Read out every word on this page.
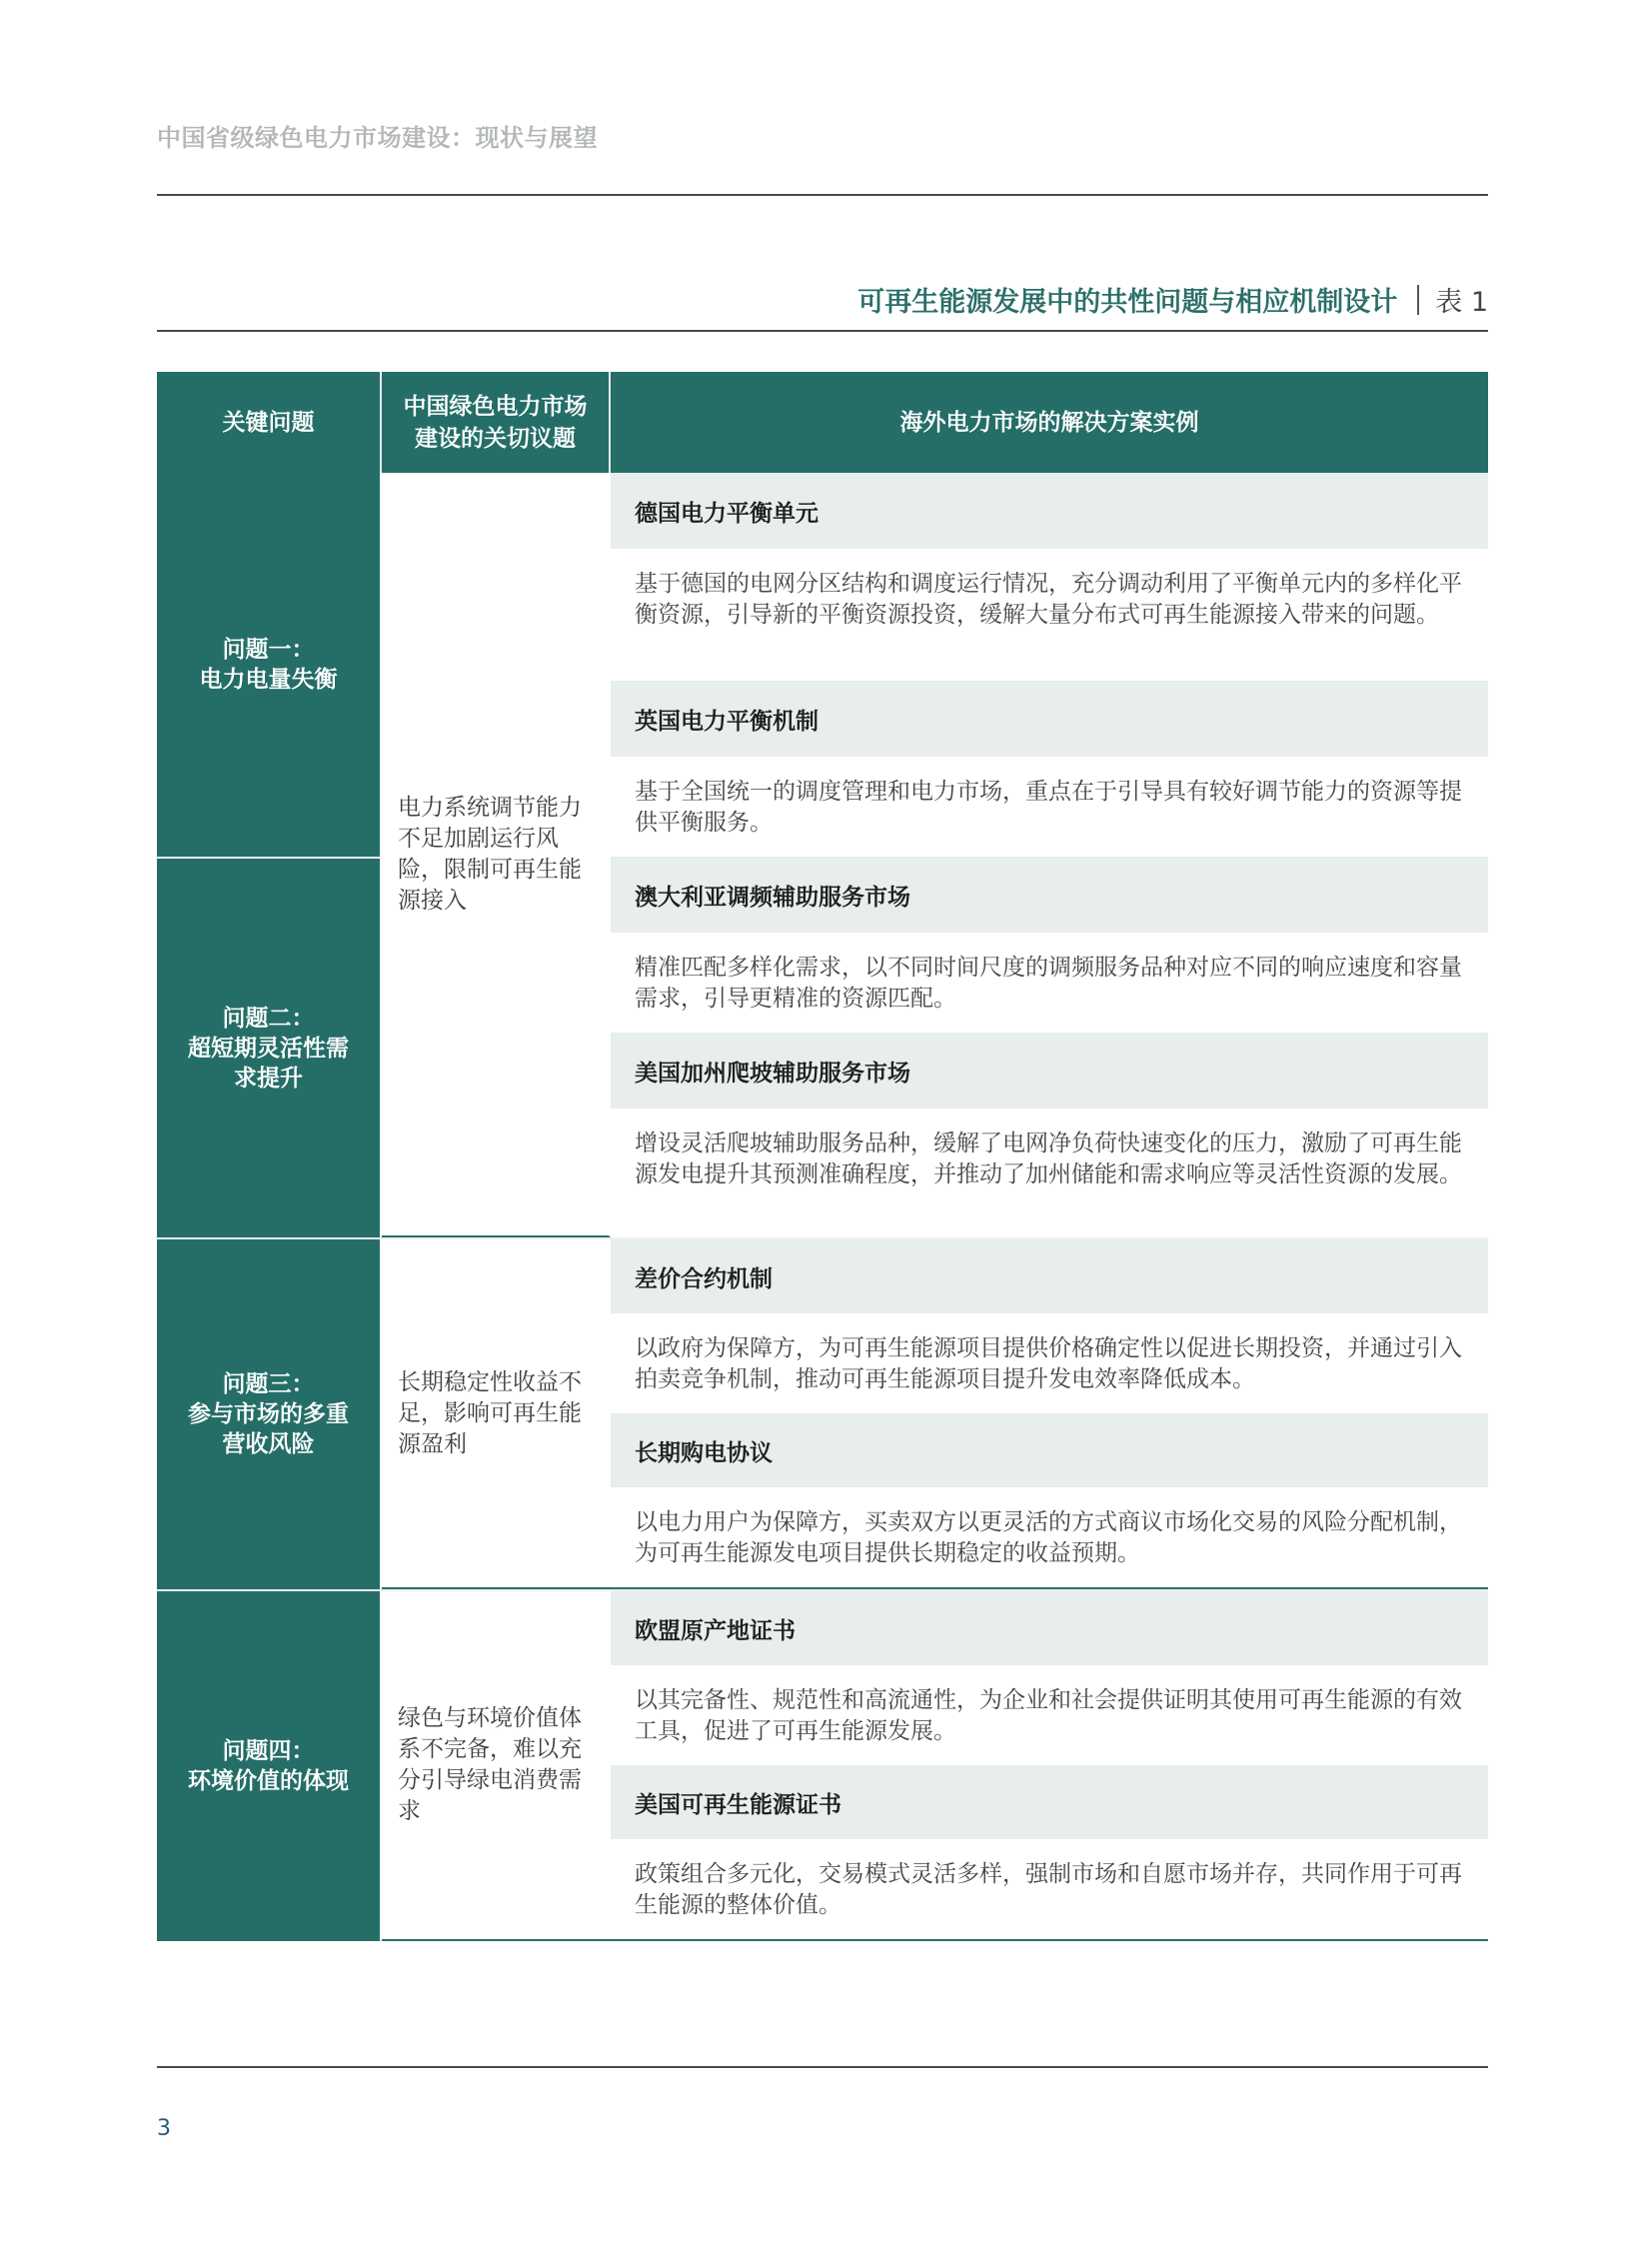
中国省级绿色电力市场建设：现状与展望
可再生能源发展中的共性问题与相应机制设计 表 1
关键问题
中国绿色电力市场
建设的关切议题
海外电力市场的解决方案实例
问题一：
电力电量失衡
问题二：
超短期灵活性需
求提升
电力系统调节能力不足加剧运行风险，限制可再生能源接入
德国电力平衡单元
基于德国的电网分区结构和调度运行情况，充分调动利用了平衡单元内的多样化平衡资源，引导新的平衡资源投资，缓解大量分布式可再生能源接入带来的问题。
英国电力平衡机制
基于全国统一的调度管理和电力市场，重点在于引导具有较好调节能力的资源等提供平衡服务。
澳大利亚调频辅助服务市场
精准匹配多样化需求，以不同时间尺度的调频服务品种对应不同的响应速度和容量需求，引导更精准的资源匹配。
美国加州爬坡辅助服务市场
增设灵活爬坡辅助服务品种，缓解了电网净负荷快速变化的压力，激励了可再生能源发电提升其预测准确程度，并推动了加州储能和需求响应等灵活性资源的发展。
问题三：
参与市场的多重
营收风险
长期稳定性收益不足，影响可再生能源盈利
差价合约机制
以政府为保障方，为可再生能源项目提供价格确定性以促进长期投资，并通过引入拍卖竞争机制，推动可再生能源项目提升发电效率降低成本。
长期购电协议
以电力用户为保障方，买卖双方以更灵活的方式商议市场化交易的风险分配机制，为可再生能源发电项目提供长期稳定的收益预期。
问题四：
环境价值的体现
绿色与环境价值体系不完备，难以充分引导绿电消费需求
欧盟原产地证书
以其完备性、规范性和高流通性，为企业和社会提供证明其使用可再生能源的有效工具，促进了可再生能源发展。
美国可再生能源证书
政策组合多元化，交易模式灵活多样，强制市场和自愿市场并存，共同作用于可再生能源的整体价值。
3
